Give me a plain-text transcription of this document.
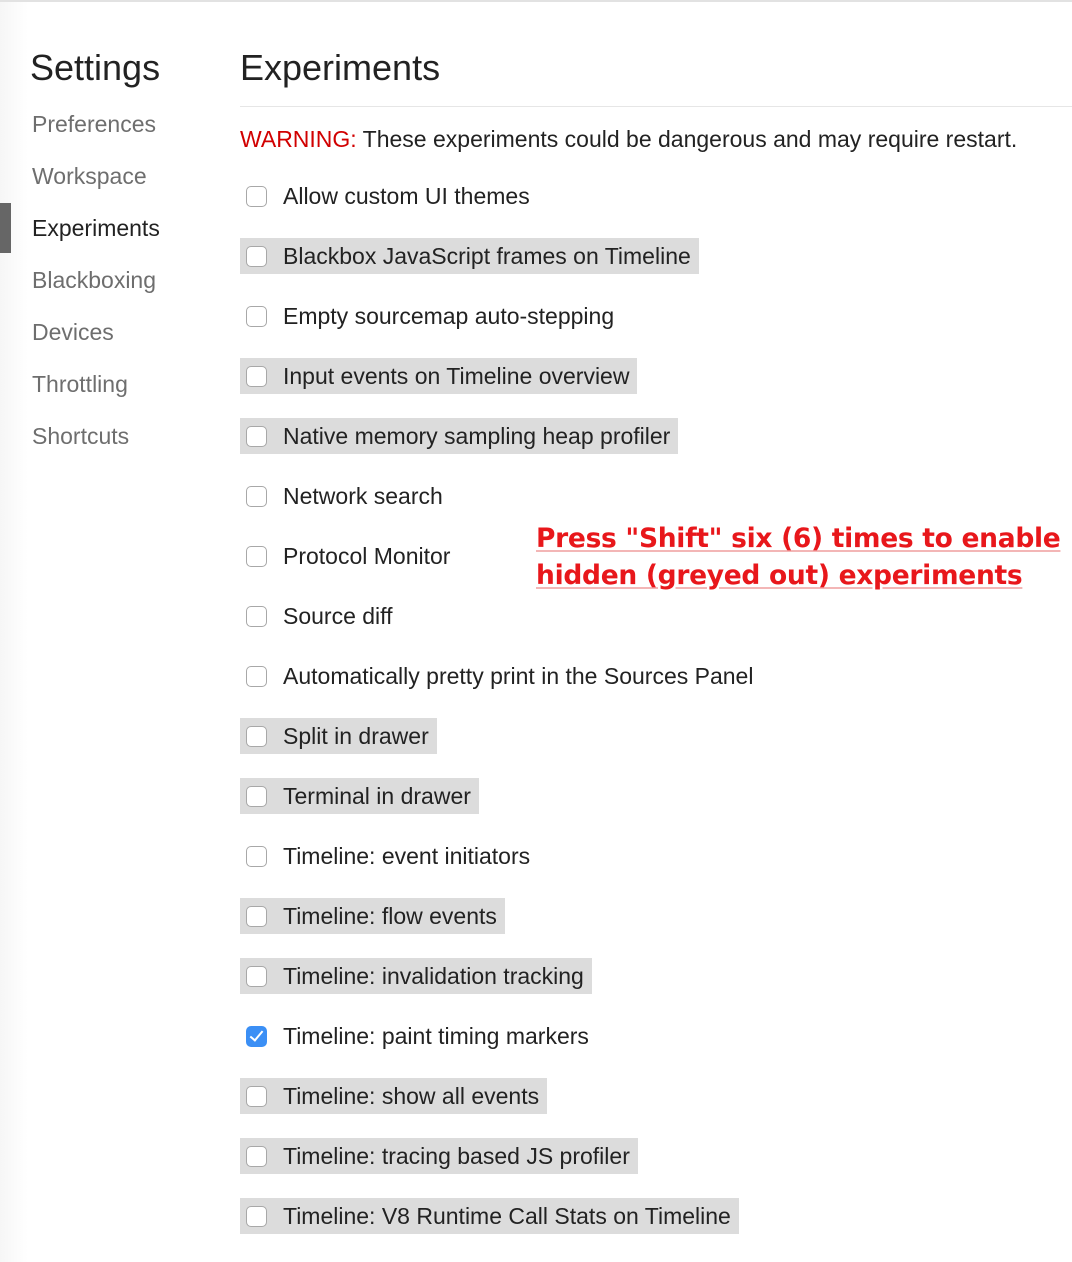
Settings
Preferences
Workspace
Experiments
Blackboxing
Devices
Throttling
Shortcuts
Experiments
WARNING: These experiments could be dangerous and may require restart.
Allow custom UI themes
Blackbox JavaScript frames on Timeline
Empty sourcemap auto-stepping
Input events on Timeline overview
Native memory sampling heap profiler
Network search
Protocol Monitor
Source diff
Automatically pretty print in the Sources Panel
Split in drawer
Terminal in drawer
Timeline: event initiators
Timeline: flow events
Timeline: invalidation tracking
Timeline: paint timing markers
Timeline: show all events
Timeline: tracing based JS profiler
Timeline: V8 Runtime Call Stats on Timeline
Press "Shift" six (6) times to enable
hidden (greyed out) experiments
